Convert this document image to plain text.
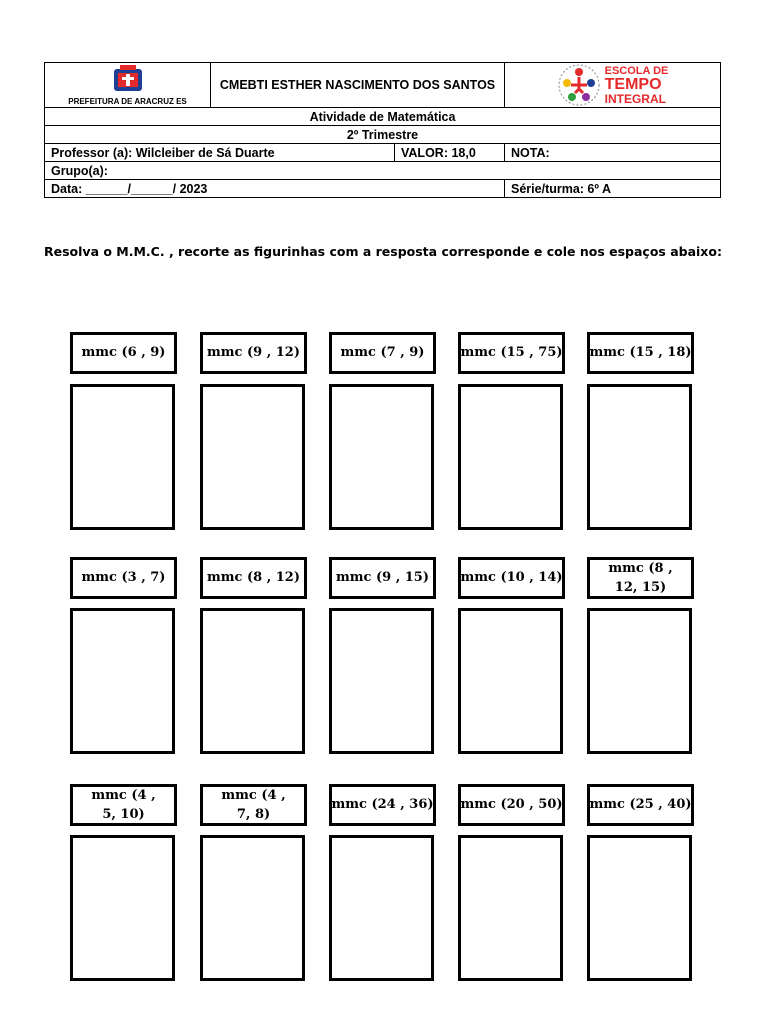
PREFEITURA DE ARACRUZ ES	CMEBTI ESTHER NASCIMENTO DOS SANTOS		ESCOLA DE
TEMPO
INTEGRAL

Atividade de Matemática			
2º Trimestre			
Professor (a): Wilcleiber de Sá Duarte		VALOR: 18,0	NOTA:
Grupo(a):			
Data: ______/______/ 2023			Série/turma: 6º A
Resolva o M.M.C. , recorte as figurinhas com a resposta corresponde e cole nos espaços abaixo:
mmc (6 , 9)	mmc (9 , 12)	mmc (7 , 9)	mmc (15 , 75) mmc (15 , 18)
mmc (3 , 7)	mmc (8 , 12)	mmc (9 , 15)	mmc (10 , 14)
mmc (8 , 12, 15)
mmc (4 , 5, 10)
mmc (4 , 7, 8)
mmc (24 , 36) mmc (20 , 50) mmc (25 , 40)
